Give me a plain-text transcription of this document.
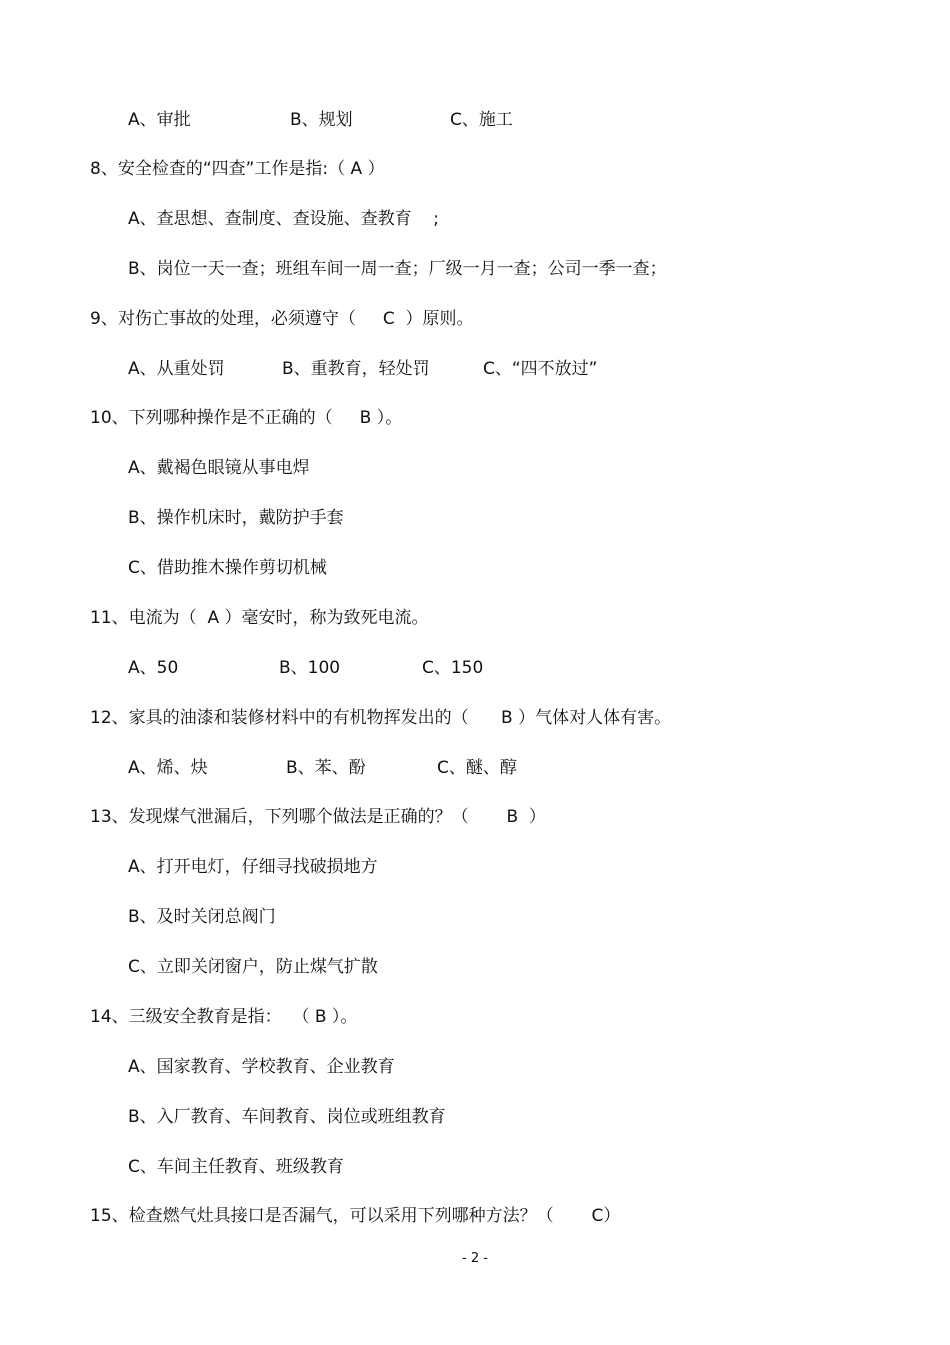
A、审批	B、规划	C、施工
8、安全检查的“四查”工作是指:（ A ）
A、查思想、查制度、查设施、查教育    ;
B、岗位一天一查；班组车间一周一查；厂级一月一查；公司一季一查；
9、对伤亡事故的处理，必须遵守（     C  ）原则。
A、从重处罚	B、重教育，轻处罚	C、“四不放过”
10、下列哪种操作是不正确的（     B ）。
A、戴褐色眼镜从事电焊
B、操作机床时，戴防护手套
C、借助推木操作剪切机械
11、电流为（  A ）毫安时，称为致死电流。
A、50	B、100	C、150
12、家具的油漆和装修材料中的有机物挥发出的（      B ）气体对人体有害。
A、烯、炔	B、苯、酚	C、醚、醇
13、发现煤气泄漏后，下列哪个做法是正确的？（       B  ）
A、打开电灯，仔细寻找破损地方
B、及时关闭总阀门
C、立即关闭窗户，防止煤气扩散
14、三级安全教育是指：  （ B ）。
A、国家教育、学校教育、企业教育
B、入厂教育、车间教育、岗位或班组教育
C、车间主任教育、班级教育
15、检查燃气灶具接口是否漏气，可以采用下列哪种方法？（       C）
- 2 -
